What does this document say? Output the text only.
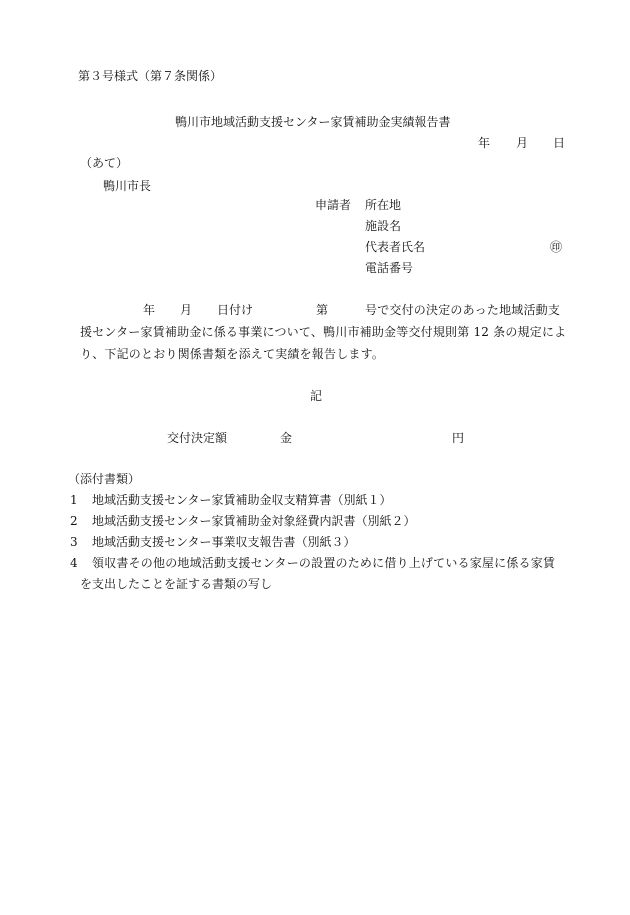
第３号様式（第７条関係）
鴨川市地域活動支援センター家賃補助金実績報告書
年 月 日
（あて）
鴨川市長
申請者 所在地
施設名
代表者氏名	㊞
電話番号
年 月 日付け	第	号で交付の決定のあった地域活動支
援センター家賃補助金に係る事業について、鴨川市補助金等交付規則第 12 条の規定によ
り、下記のとおり関係書類を添えて実績を報告します。
記
交付決定額	金	円
（添付書類）
1 地域活動支援センター家賃補助金収支精算書（別紙１）
2 地域活動支援センター家賃補助金対象経費内訳書（別紙２）
3 地域活動支援センター事業収支報告書（別紙３）
4 領収書その他の地域活動支援センターの設置のために借り上げている家屋に係る家賃
を支出したことを証する書類の写し
